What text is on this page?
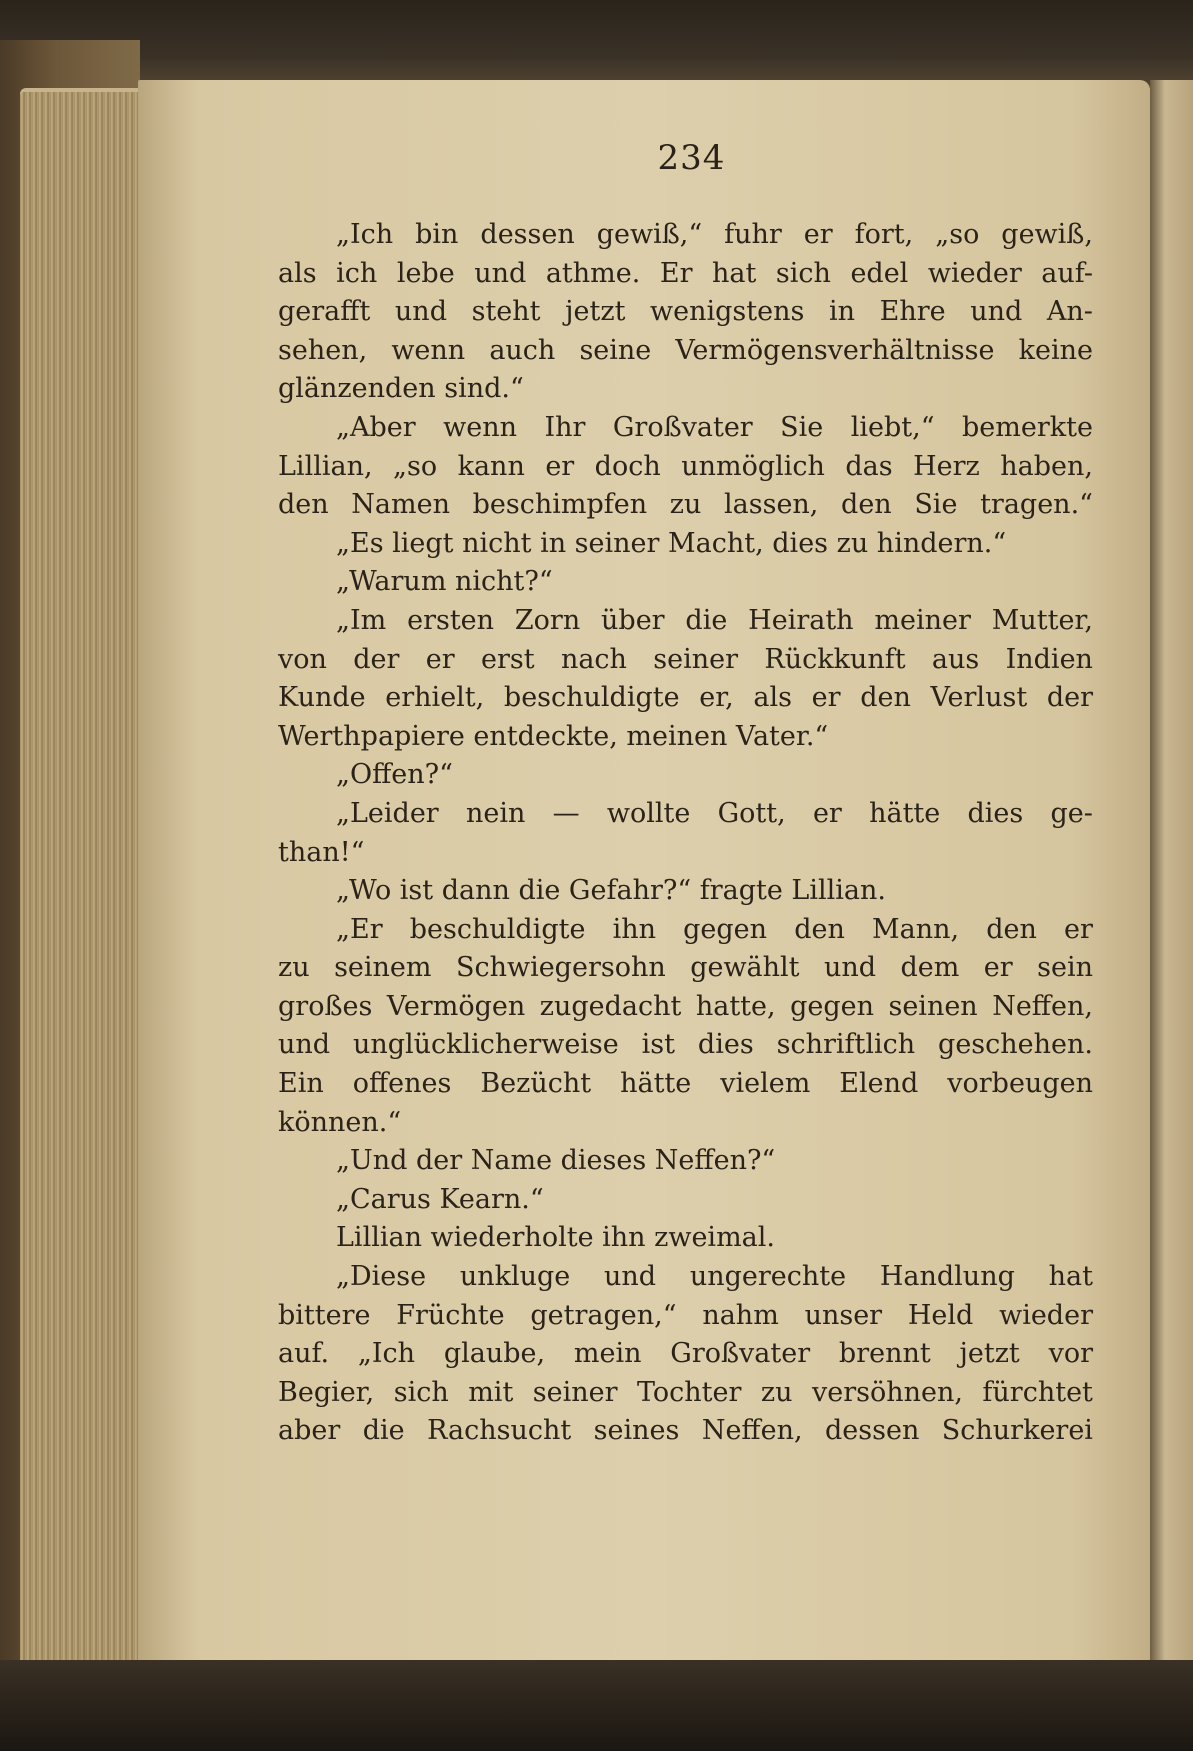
234
„Ich bin dessen gewiß,“ fuhr er fort, „so gewiß,
als ich lebe und athme. Er hat sich edel wieder auf-
gerafft und steht jetzt wenigstens in Ehre und An-
sehen, wenn auch seine Vermögensverhältnisse keine
glänzenden sind.“
„Aber wenn Ihr Großvater Sie liebt,“ bemerkte
Lillian, „so kann er doch unmöglich das Herz haben,
den Namen beschimpfen zu lassen, den Sie tragen.“
„Es liegt nicht in seiner Macht, dies zu hindern.“
„Warum nicht?“
„Im ersten Zorn über die Heirath meiner Mutter,
von der er erst nach seiner Rückkunft aus Indien
Kunde erhielt, beschuldigte er, als er den Verlust der
Werthpapiere entdeckte, meinen Vater.“
„Offen?“
„Leider nein — wollte Gott, er hätte dies ge-
than!“
„Wo ist dann die Gefahr?“ fragte Lillian.
„Er beschuldigte ihn gegen den Mann, den er
zu seinem Schwiegersohn gewählt und dem er sein
großes Vermögen zugedacht hatte, gegen seinen Neffen,
und unglücklicherweise ist dies schriftlich geschehen.
Ein offenes Bezücht hätte vielem Elend vorbeugen
können.“
„Und der Name dieses Neffen?“
„Carus Kearn.“
Lillian wiederholte ihn zweimal.
„Diese unkluge und ungerechte Handlung hat
bittere Früchte getragen,“ nahm unser Held wieder
auf. „Ich glaube, mein Großvater brennt jetzt vor
Begier, sich mit seiner Tochter zu versöhnen, fürchtet
aber die Rachsucht seines Neffen, dessen Schurkerei
